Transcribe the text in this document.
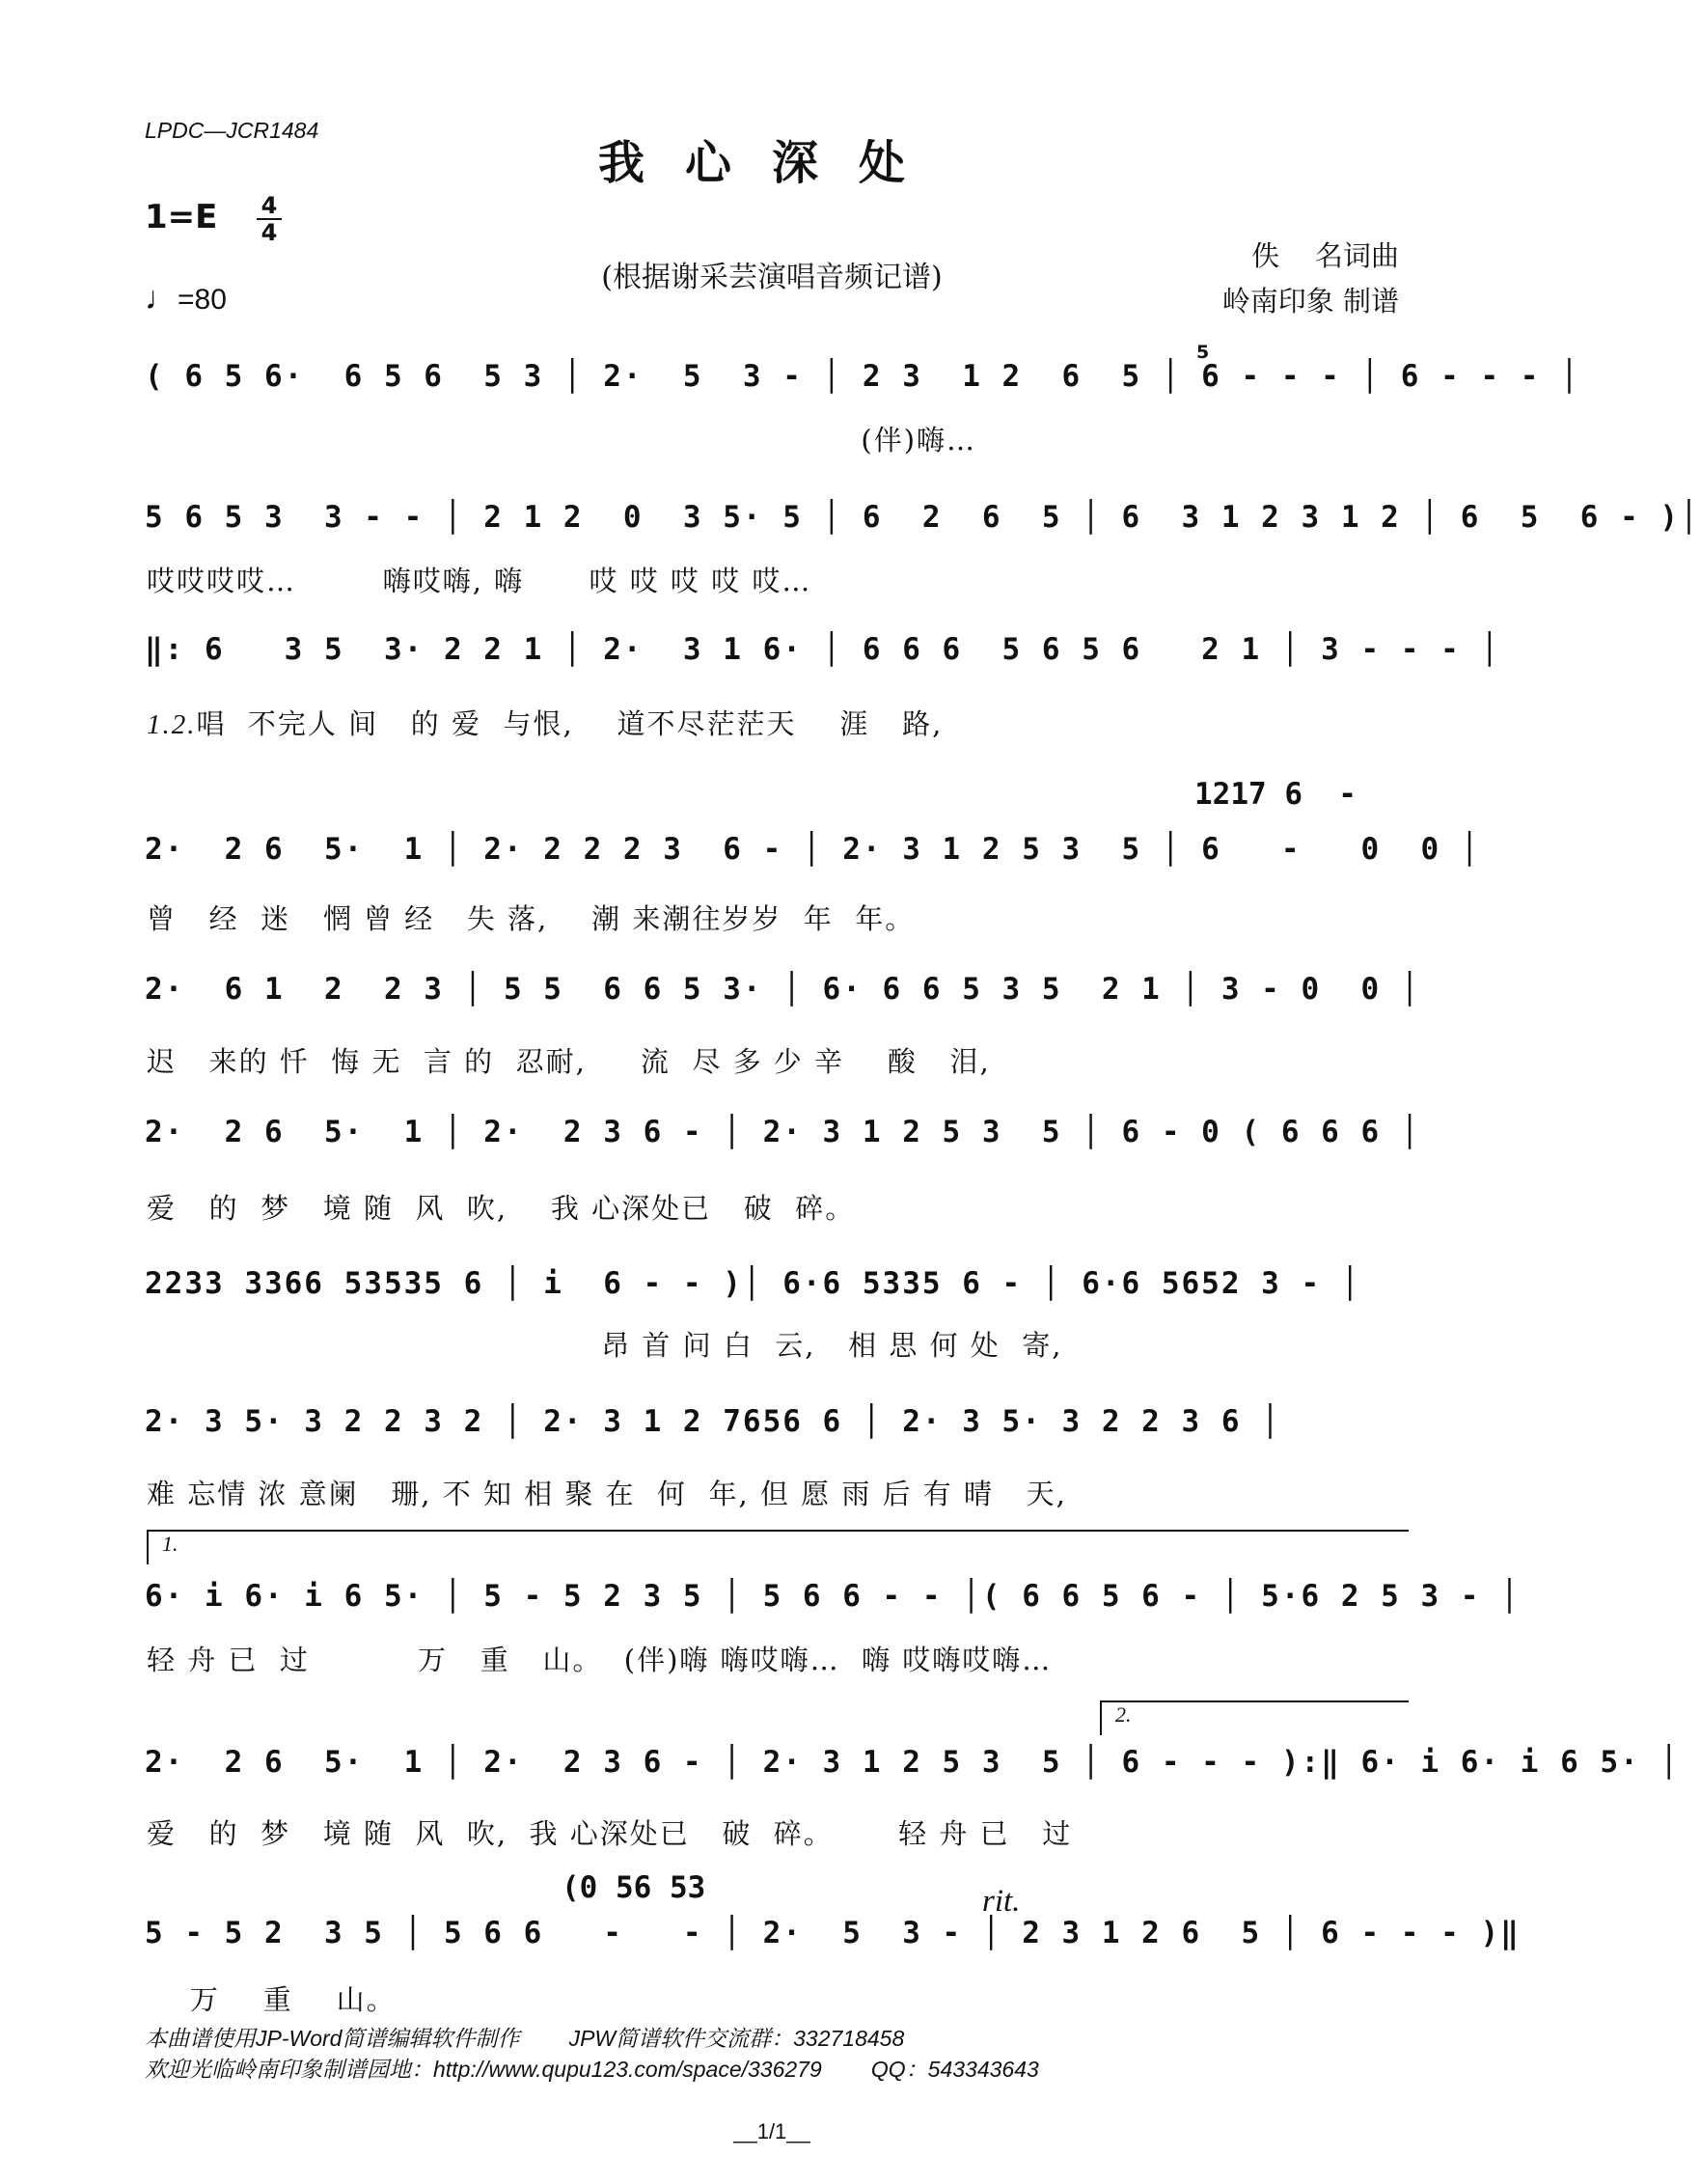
LPDC—JCR1484
我心深处
1=E	4
4
♩=80
(根据谢采芸演唱音频记谱)
佚    名词曲
岭南印象 制谱
5
( 6 5 6·  6 5 6  5 3 │ 2·  5  3 - │ 2 3  1 2  6  5 │ 6 - - - │ 6 - - - │
(伴)嗨…
5 6 5 3  3 - - │ 2 1 2  0  3 5· 5 │ 6  2  6  5 │ 6  3 1 2 3 1 2 │ 6  5  6 - )│
哎哎哎哎…        嗨哎嗨, 嗨      哎 哎 哎 哎 哎…
‖: 6   3 5  3· 2 2 1 │ 2·  3 1 6· │ 6 6 6  5 6 5 6   2 1 │ 3 - - - │
1.2.唱  不完人 间   的 爱  与恨,    道不尽茫茫天    涯   路,
1217 6  -
2·  2 6  5·  1 │ 2· 2 2 2 3  6 - │ 2· 3 1 2 5 3  5 │ 6   -   0  0 │
曾   经  迷   惘 曾 经   失 落,    潮 来潮往岁岁  年  年。
2·  6 1  2  2 3 │ 5 5  6 6 5 3· │ 6· 6 6 5 3 5  2 1 │ 3 - 0  0 │
迟   来的 忏  悔 无  言 的  忍耐,     流  尽 多 少 辛    酸   泪,
2·  2 6  5·  1 │ 2·  2 3 6 - │ 2· 3 1 2 5 3  5 │ 6 - 0 ( 6 6 6 │
爱   的  梦   境 随  风  吹,    我 心深处已   破  碎。
2233 3366 53535 6 │ i  6 - - )│ 6·6 5335 6 - │ 6·6 5652 3 - │
昂 首 问 白  云,   相 思 何 处  寄,
2· 3 5· 3 2 2 3 2 │ 2· 3 1 2 7656 6 │ 2· 3 5· 3 2 2 3 6 │
难 忘情 浓 意阑   珊, 不 知 相 聚 在  何  年, 但 愿 雨 后 有 晴   天,
1.
6· i 6· i 6 5· │ 5 - 5 2 3 5 │ 5 6 6 - - │( 6 6 5 6 - │ 5·6 2 5 3 - │
轻 舟 已  过          万   重   山。  (伴)嗨 嗨哎嗨…  嗨 哎嗨哎嗨…
2.
2·  2 6  5·  1 │ 2·  2 3 6 - │ 2· 3 1 2 5 3  5 │ 6 - - - ):‖ 6· i 6· i 6 5· │
爱   的  梦   境 随  风  吹,  我 心深处已   破  碎。      轻 舟 已   过
(0 56 53	rit.
5 - 5 2  3 5 │ 5 6 6   -   - │ 2·  5  3 - │ 2 3 1 2 6  5 │ 6 - - - )‖
万    重    山。
本曲谱使用JP-Word简谱编辑软件制作        JPW简谱软件交流群：332718458
欢迎光临岭南印象制谱园地：http://www.qupu123.com/space/336279        QQ：543343643
__1/1__
